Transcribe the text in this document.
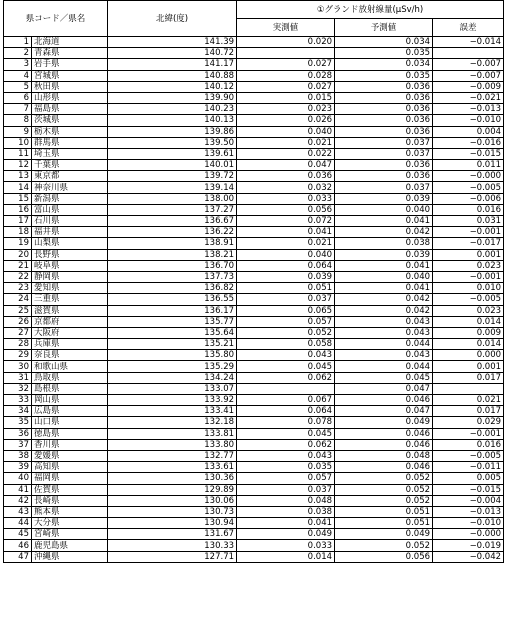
県コード／県名		北緯(度)	①グランド放射線量(μSv/h)		
			実測値	予測値	誤差
1	北海道	141.39	0.020	0.034	−0.014
2	青森県	140.72		0.035	
3	岩手県	141.17	0.027	0.034	−0.007
4	宮城県	140.88	0.028	0.035	−0.007
5	秋田県	140.12	0.027	0.036	−0.009
6	山形県	139.90	0.015	0.036	−0.021
7	福島県	140.23	0.023	0.036	−0.013
8	茨城県	140.13	0.026	0.036	−0.010
9	栃木県	139.86	0.040	0.036	0.004
10	群馬県	139.50	0.021	0.037	−0.016
11	埼玉県	139.61	0.022	0.037	−0.015
12	千葉県	140.01	0.047	0.036	0.011
13	東京都	139.72	0.036	0.036	−0.000
14	神奈川県	139.14	0.032	0.037	−0.005
15	新潟県	138.00	0.033	0.039	−0.006
16	富山県	137.27	0.056	0.040	0.016
17	石川県	136.67	0.072	0.041	0.031
18	福井県	136.22	0.041	0.042	−0.001
19	山梨県	138.91	0.021	0.038	−0.017
20	長野県	138.21	0.040	0.039	0.001
21	岐阜県	136.70	0.064	0.041	0.023
22	静岡県	137.73	0.039	0.040	−0.001
23	愛知県	136.82	0.051	0.041	0.010
24	三重県	136.55	0.037	0.042	−0.005
25	滋賀県	136.17	0.065	0.042	0.023
26	京都府	135.77	0.057	0.043	0.014
27	大阪府	135.64	0.052	0.043	0.009
28	兵庫県	135.21	0.058	0.044	0.014
29	奈良県	135.80	0.043	0.043	0.000
30	和歌山県	135.29	0.045	0.044	0.001
31	鳥取県	134.24	0.062	0.045	0.017
32	島根県	133.07		0.047	
33	岡山県	133.92	0.067	0.046	0.021
34	広島県	133.41	0.064	0.047	0.017
35	山口県	132.18	0.078	0.049	0.029
36	徳島県	133.81	0.045	0.046	−0.001
37	香川県	133.80	0.062	0.046	0.016
38	愛媛県	132.77	0.043	0.048	−0.005
39	高知県	133.61	0.035	0.046	−0.011
40	福岡県	130.36	0.057	0.052	0.005
41	佐賀県	129.89	0.037	0.052	−0.015
42	長崎県	130.06	0.048	0.052	−0.004
43	熊本県	130.73	0.038	0.051	−0.013
44	大分県	130.94	0.041	0.051	−0.010
45	宮崎県	131.67	0.049	0.049	−0.000
46	鹿児島県	130.33	0.033	0.052	−0.019
47	沖縄県	127.71	0.014	0.056	−0.042
